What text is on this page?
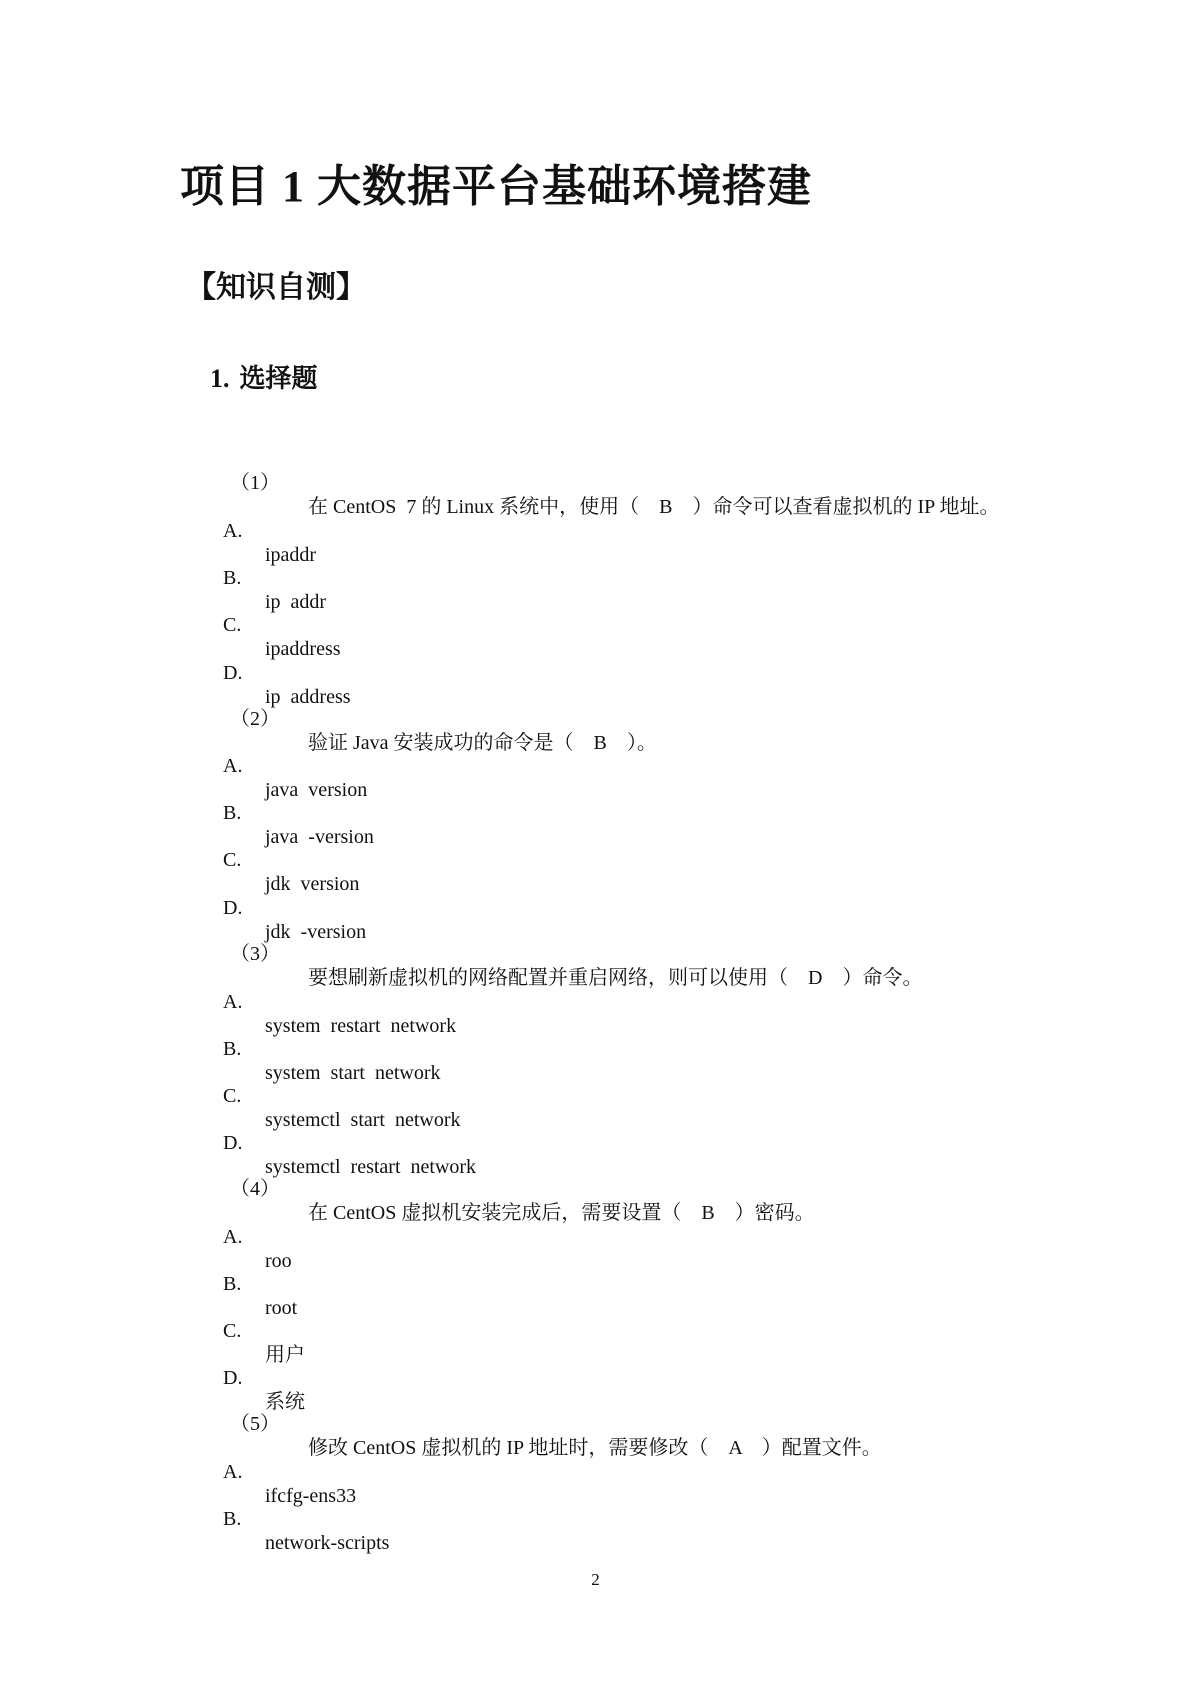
项目 1 大数据平台基础环境搭建
【知识自测】
1. 选择题

（1）

在 CentOS  7 的 Linux 系统中，使用（    B    ）命令可以查看虚拟机的 IP 地址。

A.

ipaddr

B.

ip  addr

C.

ipaddress

D.

ip  address

（2）

验证 Java 安装成功的命令是（    B    ）。

A.

java  version

B.

java  -version

C.

jdk  version

D.

jdk  -version

（3）

要想刷新虚拟机的网络配置并重启网络，则可以使用（    D    ）命令。

A.

system  restart  network

B.

system  start  network

C.

systemctl  start  network

D.

systemctl  restart  network

（4）

在 CentOS 虚拟机安装完成后，需要设置（    B    ）密码。

A.

roo

B.

root

C.

用户

D.

系统

（5）

修改 CentOS 虚拟机的 IP 地址时，需要修改（    A    ）配置文件。

A.

ifcfg-ens33

B.

network-scripts

2
